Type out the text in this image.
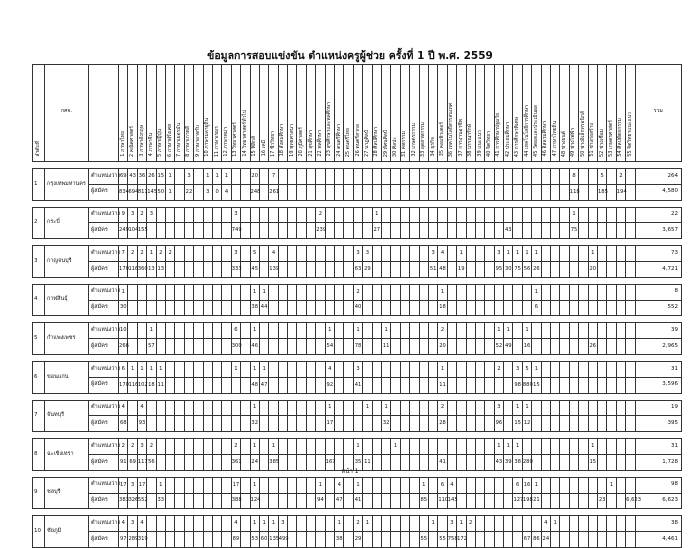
ข้อมูลการสอบแข่งขัน ตำแหน่งครูผู้ช่วย ครั้งที่ 1 ปี พ.ศ. 2559
ลำดับที่	กศจ.		1 ภาษาไทย	2 คณิตศาสตร์	3 ภาษาอังกฤษ	4 ภาษาจีน	5 ภาษาญี่ปุ่น	6 ภาษาฝรั่งเศส	7 ภาษาเยอรมัน	8 ภาษาเกาหลี	9 ภาษาอาหรับ	10 ภาษามลายูถิ่น	11 ภาษาเขมร	12 ภาษาพม่า	13 วิทยาศาสตร์	14 วิทยาศาสตร์ทั่วไป	15 ฟิสิกส์	16 เคมี	17 ชีววิทยา	18 สังคมศึกษา	19 พุทธศาสนา	20 ภูมิศาสตร์	21 สุขศึกษา	22 พลศึกษา	23 สุขศึกษาและพลศึกษา	24 ดนตรีศึกษา	25 ดนตรีไทย	26 ดนตรีสากล	27 นาฏศิลป์	28 ศิลปศึกษา	29 ทัศนศิลป์	30 ศิลปะ	31 คหกรรม	32 เกษตรกรรม	33 อุตสาหกรรม	34 ธุรกิจ	35 คอมพิวเตอร์	36 เทคโนโลยีสารสนเทศ	37 การงานอาชีพ	38 บรรณารักษ์	39 แนะแนว	40 จิตวิทยา	41 การศึกษาปฐมวัย	42 ประถมศึกษา	43 การศึกษาพิเศษ	44 เทคโนโลยีการศึกษา	45 วัดผลและประเมินผล	46 อิสลามศึกษา	47 ภาษาไทยถิ่น	48 ช่างยนต์	49 ช่างไฟฟ้า	50 ช่างอิเล็กทรอนิกส์	51 ช่างก่อสร้าง	52 ช่างเชื่อม	53 เกษตรศาสตร์	54 ศิลปหัตถกรรม	55 จิตวิทยาแนะแนว	รวม

1	กรุงเทพมหานคร	ตำแหน่งว่าง	69	43	36	26	15	1		3		1	1	1			20		7																																8			5		2		264
		ผู้สมัคร	834	694	811	145	50	1		22		3	0	4			248		261																																118			185		194		4,580

2	กระบี่	ตำแหน่งว่าง	9	3	2	3									3									2						1																					1							22
		ผู้สมัคร	249	104	155										749									239						27														43							75							3,657

3	กาญจนบุรี	ตำแหน่งว่าง	7	2	2	1	2	2							3		5		4									3	3							3	4		1				3	1	1	1	1						1					73
		ผู้สมัคร	170	116	360	13	13								333		45		139									63	29							51	48		19				95	30	75	56	26						20					4,721

4	กาฬสินธุ์	ตำแหน่งว่าง	1														1	1										2									1										1											8
		ผู้สมัคร	30														38	44										40									18										6											552

5	กำแพงเพชร	ตำแหน่งว่าง	10			1									6		1								1			1			1						2						1	1		1												39
		ผู้สมัคร	266			57									300		46								54			78			11						20						52	49		16							26					2,965

6	ขอนแก่น	ตำแหน่งว่าง	6	1	1	1	1								1		1	1							4			3									1						2		3	5	1											31
		ผู้สมัคร	170	116	102	18	11										48	47							92			41									11								98	880	15											3,596

7	จันทบุรี	ตำแหน่งว่าง	4		4												1								1				1		1						2						3		1	1												19
		ผู้สมัคร	68		93												32								17						32						28						96		15	12												395

8	ฉะเชิงเทรา	ตำแหน่งว่าง	2	2	3	2									2		1		1									1				1											1	1	1								1					31
		ผู้สมัคร	91	69	117	56									361		24		385						167			35	11								41						43	39	38	280							15					1,728

9	ชลบุรี	ตำแหน่งว่าง	17	3	17		1								17		1							1		4		1							1		6	4							6	16	1								1			98
		ผู้สมัคร	383	326	552		33								388		124							94		47		41							85		110	145							127	198	21							23			6,623	6,623

10	ชัยภูมิ	ตำแหน่งว่าง	4	3	4										4		1	1	1	3						1		2	1							1		3	1	2								4	1									38
		ผู้สมัคร	97	289	319										89		53	60	135	499						38		29							55		55	758	172							67	86	24										4,461
หน้า 1
